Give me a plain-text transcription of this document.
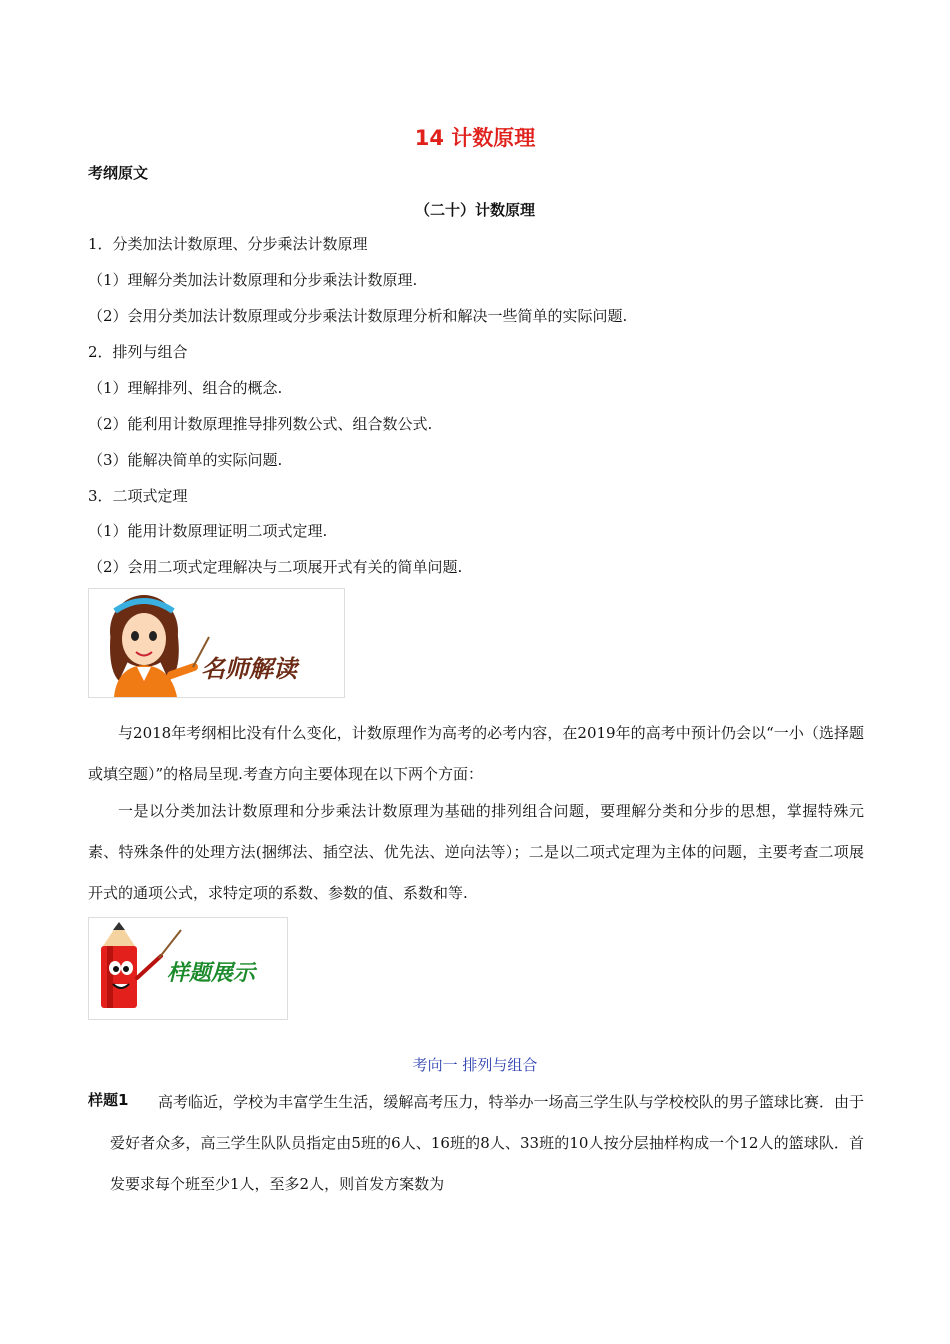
14 计数原理
考纲原文
（二十）计数原理
1．分类加法计数原理、分步乘法计数原理
（1）理解分类加法计数原理和分步乘法计数原理.
（2）会用分类加法计数原理或分步乘法计数原理分析和解决一些简单的实际问题.
2．排列与组合
（1）理解排列、组合的概念.
（2）能利用计数原理推导排列数公式、组合数公式.
（3）能解决简单的实际问题.
3．二项式定理
（1）能用计数原理证明二项式定理.
（2）会用二项式定理解决与二项展开式有关的简单问题.
名师解读
与2018年考纲相比没有什么变化，计数原理作为高考的必考内容，在2019年的高考中预计仍会以“一小（选择题或填空题）”的格局呈现.考查方向主要体现在以下两个方面：
一是以分类加法计数原理和分步乘法计数原理为基础的排列组合问题，要理解分类和分步的思想，掌握特殊元素、特殊条件的处理方法(捆绑法、插空法、优先法、逆向法等）；二是以二项式定理为主体的问题，主要考查二项展开式的通项公式，求特定项的系数、参数的值、系数和等.
样题展示
考向一 排列与组合
样题1	高考临近，学校为丰富学生生活，缓解高考压力，特举办一场高三学生队与学校校队的男子篮球比赛．由于爱好者众多，高三学生队队员指定由5班的6人、16班的8人、33班的10人按分层抽样构成一个12人的篮球队．首发要求每个班至少1人，至多2人，则首发方案数为
